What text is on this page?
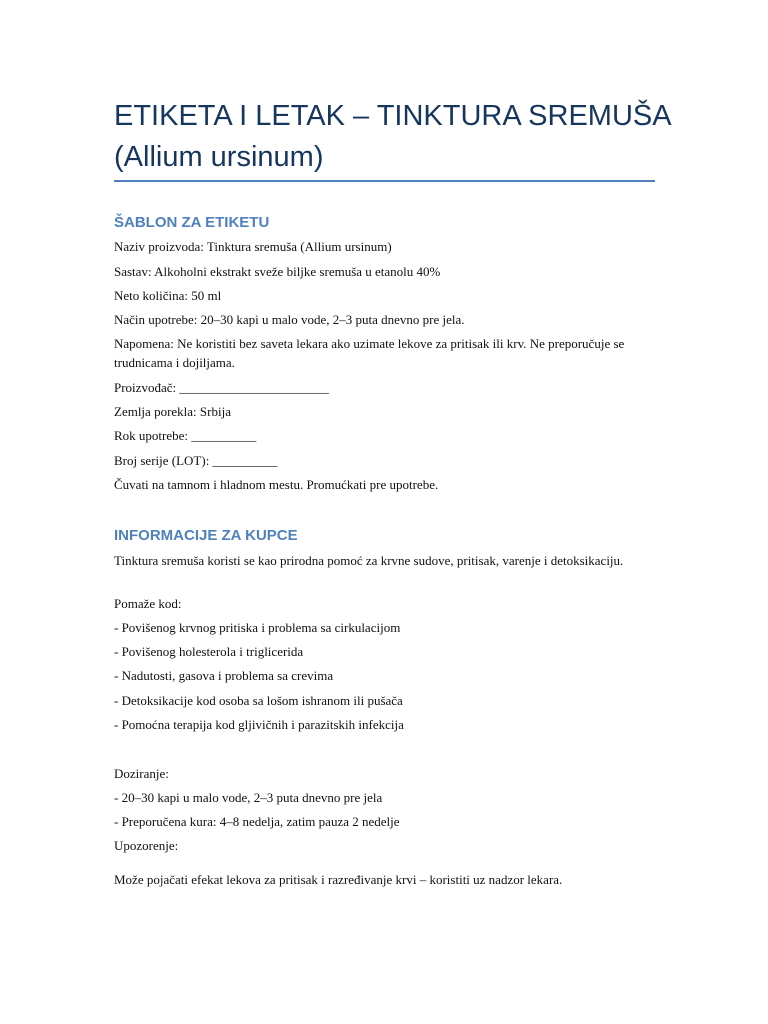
ETIKETA I LETAK – TINKTURA SREMUŠA
(Allium ursinum)
ŠABLON ZA ETIKETU
Naziv proizvoda: Tinktura sremuša (Allium ursinum)
Sastav: Alkoholni ekstrakt sveže biljke sremuša u etanolu 40%
Neto količina: 50 ml
Način upotrebe: 20–30 kapi u malo vode, 2–3 puta dnevno pre jela.
Napomena: Ne koristiti bez saveta lekara ako uzimate lekove za pritisak ili krv. Ne preporučuje se trudnicama i dojiljama.
Proizvođač: _______________________
Zemlja porekla: Srbija
Rok upotrebe: __________
Broj serije (LOT): __________
Čuvati na tamnom i hladnom mestu. Promućkati pre upotrebe.
INFORMACIJE ZA KUPCE
Tinktura sremuša koristi se kao prirodna pomoć za krvne sudove, pritisak, varenje i detoksikaciju.
Pomaže kod:
- Povišenog krvnog pritiska i problema sa cirkulacijom
- Povišenog holesterola i triglicerida
- Nadutosti, gasova i problema sa crevima
- Detoksikacije kod osoba sa lošom ishranom ili pušača
- Pomoćna terapija kod gljivičnih i parazitskih infekcija
Doziranje:
- 20–30 kapi u malo vode, 2–3 puta dnevno pre jela
- Preporučena kura: 4–8 nedelja, zatim pauza 2 nedelje
Upozorenje:
Može pojačati efekat lekova za pritisak i razređivanje krvi – koristiti uz nadzor lekara.
